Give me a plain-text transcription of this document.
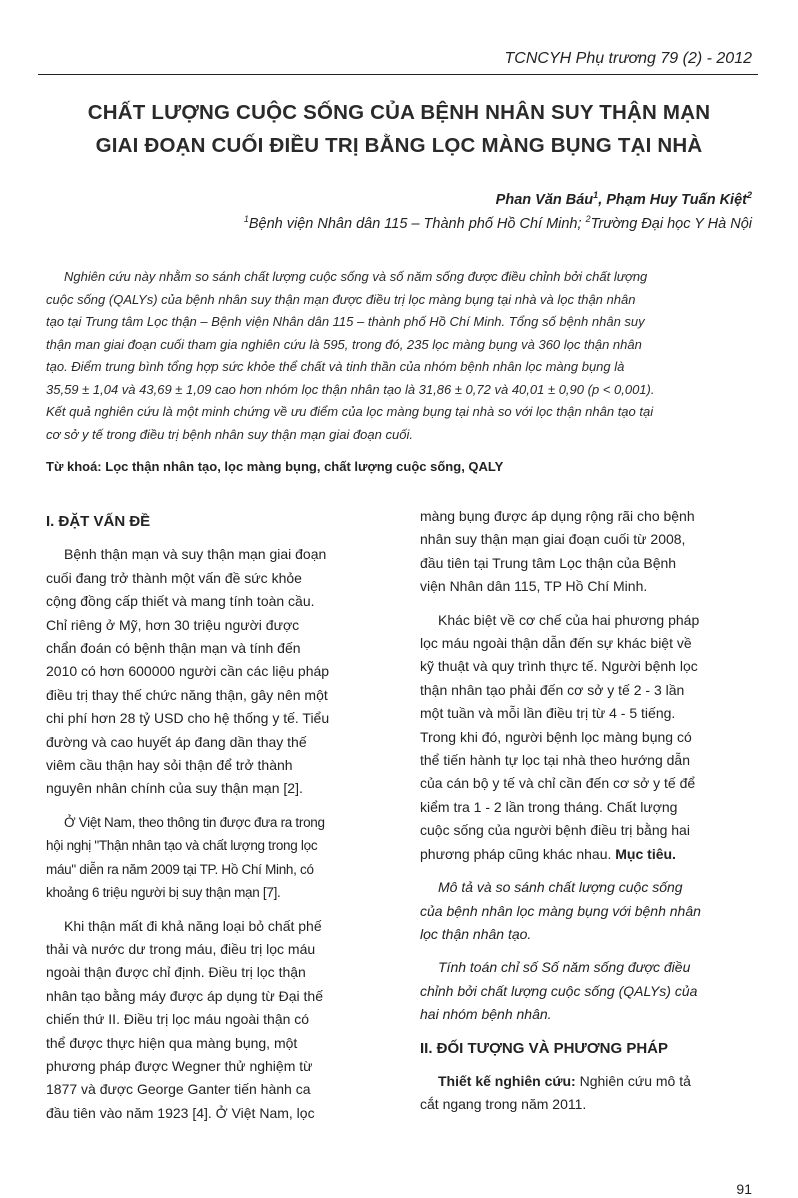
TCNCYH Phụ trương 79 (2) - 2012
CHẤT LƯỢNG CUỘC SỐNG CỦA BỆNH NHÂN SUY THẬN MẠN
GIAI ĐOẠN CUỐI ĐIỀU TRỊ BẰNG LỌC MÀNG BỤNG TẠI NHÀ
Phan Văn Báu$^1$, Phạm Huy Tuấn Kiệt$^2$
$^1$Bệnh viện Nhân dân 115 – Thành phố Hồ Chí Minh; $^2$Trường Đại học Y Hà Nội
Nghiên cứu này nhằm so sánh chất lượng cuộc sống và số năm sống được điều chỉnh bởi chất lượng
cuộc sống (QALYs) của bệnh nhân suy thận mạn được điều trị lọc màng bụng tại nhà và lọc thận nhân
tạo tại Trung tâm Lọc thận – Bệnh viện Nhân dân 115 – thành phố Hồ Chí Minh. Tổng số bệnh nhân suy
thận man giai đoạn cuối tham gia nghiên cứu là 595, trong đó, 235 lọc màng bụng và 360 lọc thận nhân
tạo. Điểm trung bình tổng hợp sức khỏe thể chất và tinh thần của nhóm bệnh nhân lọc màng bụng là
35,59 ± 1,04 và 43,69 ± 1,09 cao hơn nhóm lọc thận nhân tạo là 31,86 ± 0,72 và 40,01 ± 0,90 (p < 0,001).
Kết quả nghiên cứu là một minh chứng về ưu điểm của lọc màng bụng tại nhà so với lọc thận nhân tạo tại
cơ sở y tế trong điều trị bệnh nhân suy thận mạn giai đoạn cuối.
Từ khoá: Lọc thận nhân tạo, lọc màng bụng, chất lượng cuộc sống, QALY
I. ĐẶT VẤN ĐỀ
Bệnh thận mạn và suy thận mạn giai đoạn
cuối đang trở thành một vấn đề sức khỏe
cộng đồng cấp thiết và mang tính toàn cầu.
Chỉ riêng ở Mỹ, hơn 30 triệu người được
chẩn đoán có bệnh thận mạn và tính đến
2010 có hơn 600000 người cần các liệu pháp
điều trị thay thế chức năng thận, gây nên một
chi phí hơn 28 tỷ USD cho hệ thống y tế. Tiểu
đường và cao huyết áp đang dần thay thế
viêm cầu thận hay sỏi thận để trở thành
nguyên nhân chính của suy thận mạn [2].
Ở Việt Nam, theo thông tin được đưa ra trong
hội nghị "Thận nhân tạo và chất lượng trong lọc
máu" diễn ra năm 2009 tại TP. Hồ Chí Minh, có
khoảng 6 triệu người bị suy thận mạn [7].
Khi thận mất đi khả năng loại bỏ chất phế
thải và nước dư trong máu, điều trị lọc máu
ngoài thận được chỉ định. Điều trị lọc thận
nhân tạo bằng máy được áp dụng từ Đại thế
chiến thứ II. Điều trị lọc máu ngoài thận có
thể được thực hiện qua màng bụng, một
phương pháp được Wegner thử nghiệm từ
1877 và được George Ganter tiến hành ca
đầu tiên vào năm 1923 [4]. Ở Việt Nam, lọc
màng bụng được áp dụng rộng rãi cho bệnh
nhân suy thận mạn giai đoạn cuối từ 2008,
đầu tiên tại Trung tâm Lọc thận của Bệnh
viện Nhân dân 115, TP Hồ Chí Minh.
Khác biệt về cơ chế của hai phương pháp
lọc máu ngoài thận dẫn đến sự khác biệt về
kỹ thuật và quy trình thực tế. Người bệnh lọc
thận nhân tạo phải đến cơ sở y tế 2 - 3 lần
một tuần và mỗi lần điều trị từ 4 - 5 tiếng.
Trong khi đó, người bệnh lọc màng bụng có
thể tiến hành tự lọc tại nhà theo hướng dẫn
của cán bộ y tế và chỉ cần đến cơ sở y tế để
kiểm tra 1 - 2 lần trong tháng. Chất lượng
cuộc sống của người bệnh điều trị bằng hai
phương pháp cũng khác nhau. Mục tiêu.
Mô tả và so sánh chất lượng cuộc sống
của bệnh nhân lọc màng bụng với bệnh nhân
lọc thận nhân tạo.
Tính toán chỉ số Số năm sống được điều
chỉnh bởi chất lượng cuộc sống (QALYs) của
hai nhóm bệnh nhân.
II. ĐỐI TƯỢNG VÀ PHƯƠNG PHÁP
Thiết kế nghiên cứu: Nghiên cứu mô tả
cắt ngang trong năm 2011.
91
